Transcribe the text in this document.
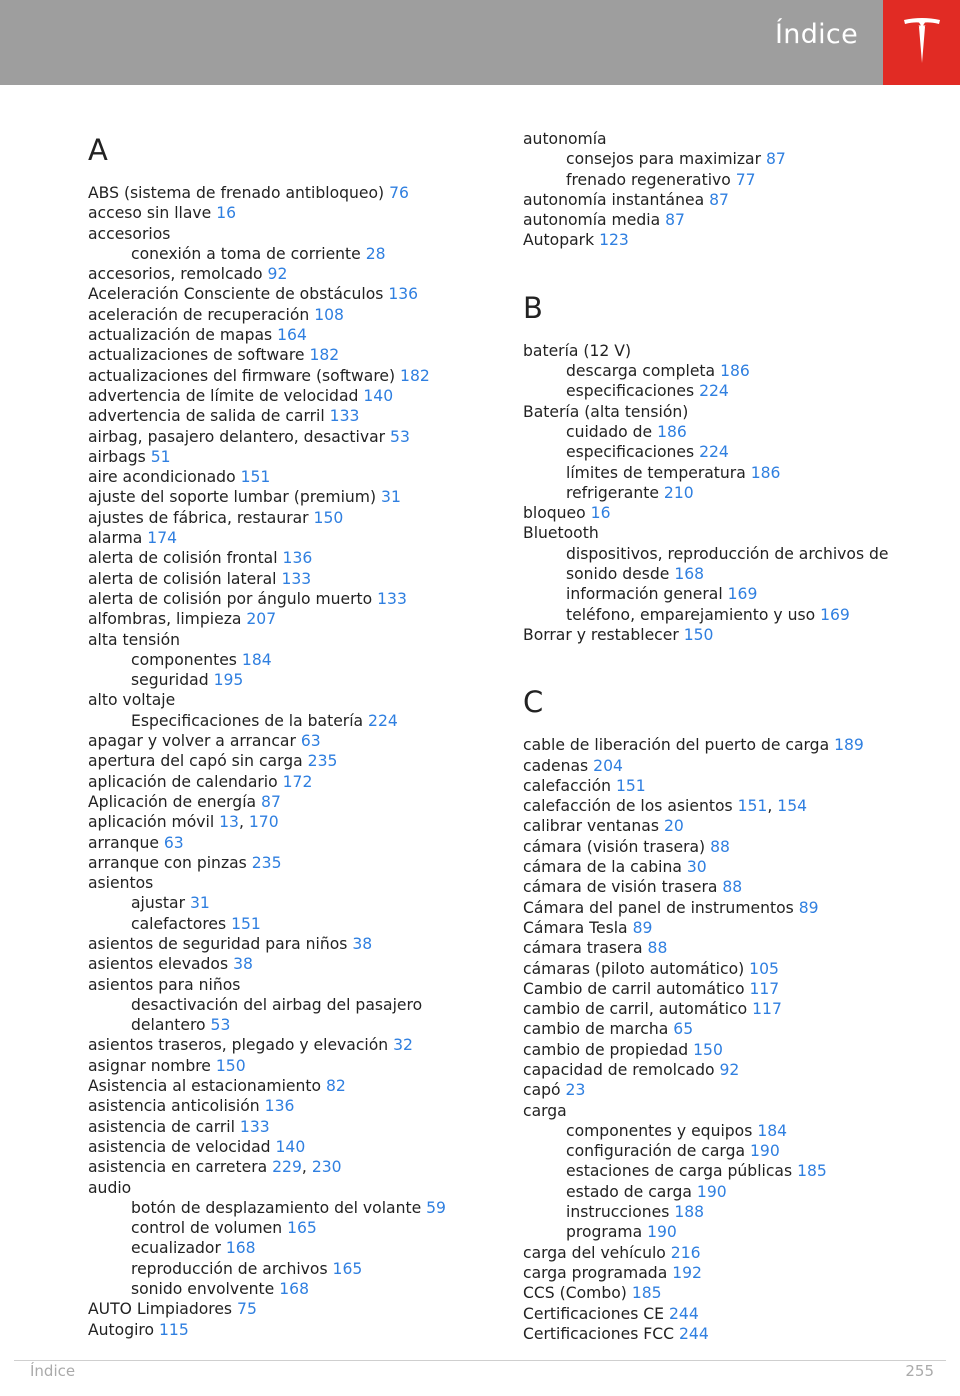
Índice
A
ABS (sistema de frenado antibloqueo) 76
acceso sin llave 16
accesorios
conexión a toma de corriente 28
accesorios, remolcado 92
Aceleración Consciente de obstáculos 136
aceleración de recuperación 108
actualización de mapas 164
actualizaciones de software 182
actualizaciones del firmware (software) 182
advertencia de límite de velocidad 140
advertencia de salida de carril 133
airbag, pasajero delantero, desactivar 53
airbags 51
aire acondicionado 151
ajuste del soporte lumbar (premium) 31
ajustes de fábrica, restaurar 150
alarma 174
alerta de colisión frontal 136
alerta de colisión lateral 133
alerta de colisión por ángulo muerto 133
alfombras, limpieza 207
alta tensión
componentes 184
seguridad 195
alto voltaje
Especificaciones de la batería 224
apagar y volver a arrancar 63
apertura del capó sin carga 235
aplicación de calendario 172
Aplicación de energía 87
aplicación móvil 13, 170
arranque 63
arranque con pinzas 235
asientos
ajustar 31
calefactores 151
asientos de seguridad para niños 38
asientos elevados 38
asientos para niños
desactivación del airbag del pasajero delantero 53
asientos traseros, plegado y elevación 32
asignar nombre 150
Asistencia al estacionamiento 82
asistencia anticolisión 136
asistencia de carril 133
asistencia de velocidad 140
asistencia en carretera 229, 230
audio
botón de desplazamiento del volante 59
control de volumen 165
ecualizador 168
reproducción de archivos 165
sonido envolvente 168
AUTO Limpiadores 75
Autogiro 115
autonomía
consejos para maximizar 87
frenado regenerativo 77
autonomía instantánea 87
autonomía media 87
Autopark 123
B
batería (12 V)
descarga completa 186
especificaciones 224
Batería (alta tensión)
cuidado de 186
especificaciones 224
límites de temperatura 186
refrigerante 210
bloqueo 16
Bluetooth
dispositivos, reproducción de archivos de sonido desde 168
información general 169
teléfono, emparejamiento y uso 169
Borrar y restablecer 150
C
cable de liberación del puerto de carga 189
cadenas 204
calefacción 151
calefacción de los asientos 151, 154
calibrar ventanas 20
cámara (visión trasera) 88
cámara de la cabina 30
cámara de visión trasera 88
Cámara del panel de instrumentos 89
Cámara Tesla 89
cámara trasera 88
cámaras (piloto automático) 105
Cambio de carril automático 117
cambio de carril, automático 117
cambio de marcha 65
cambio de propiedad 150
capacidad de remolcado 92
capó 23
carga
componentes y equipos 184
configuración de carga 190
estaciones de carga públicas 185
estado de carga 190
instrucciones 188
programa 190
carga del vehículo 216
carga programada 192
CCS (Combo) 185
Certificaciones CE 244
Certificaciones FCC 244
Índice	255
